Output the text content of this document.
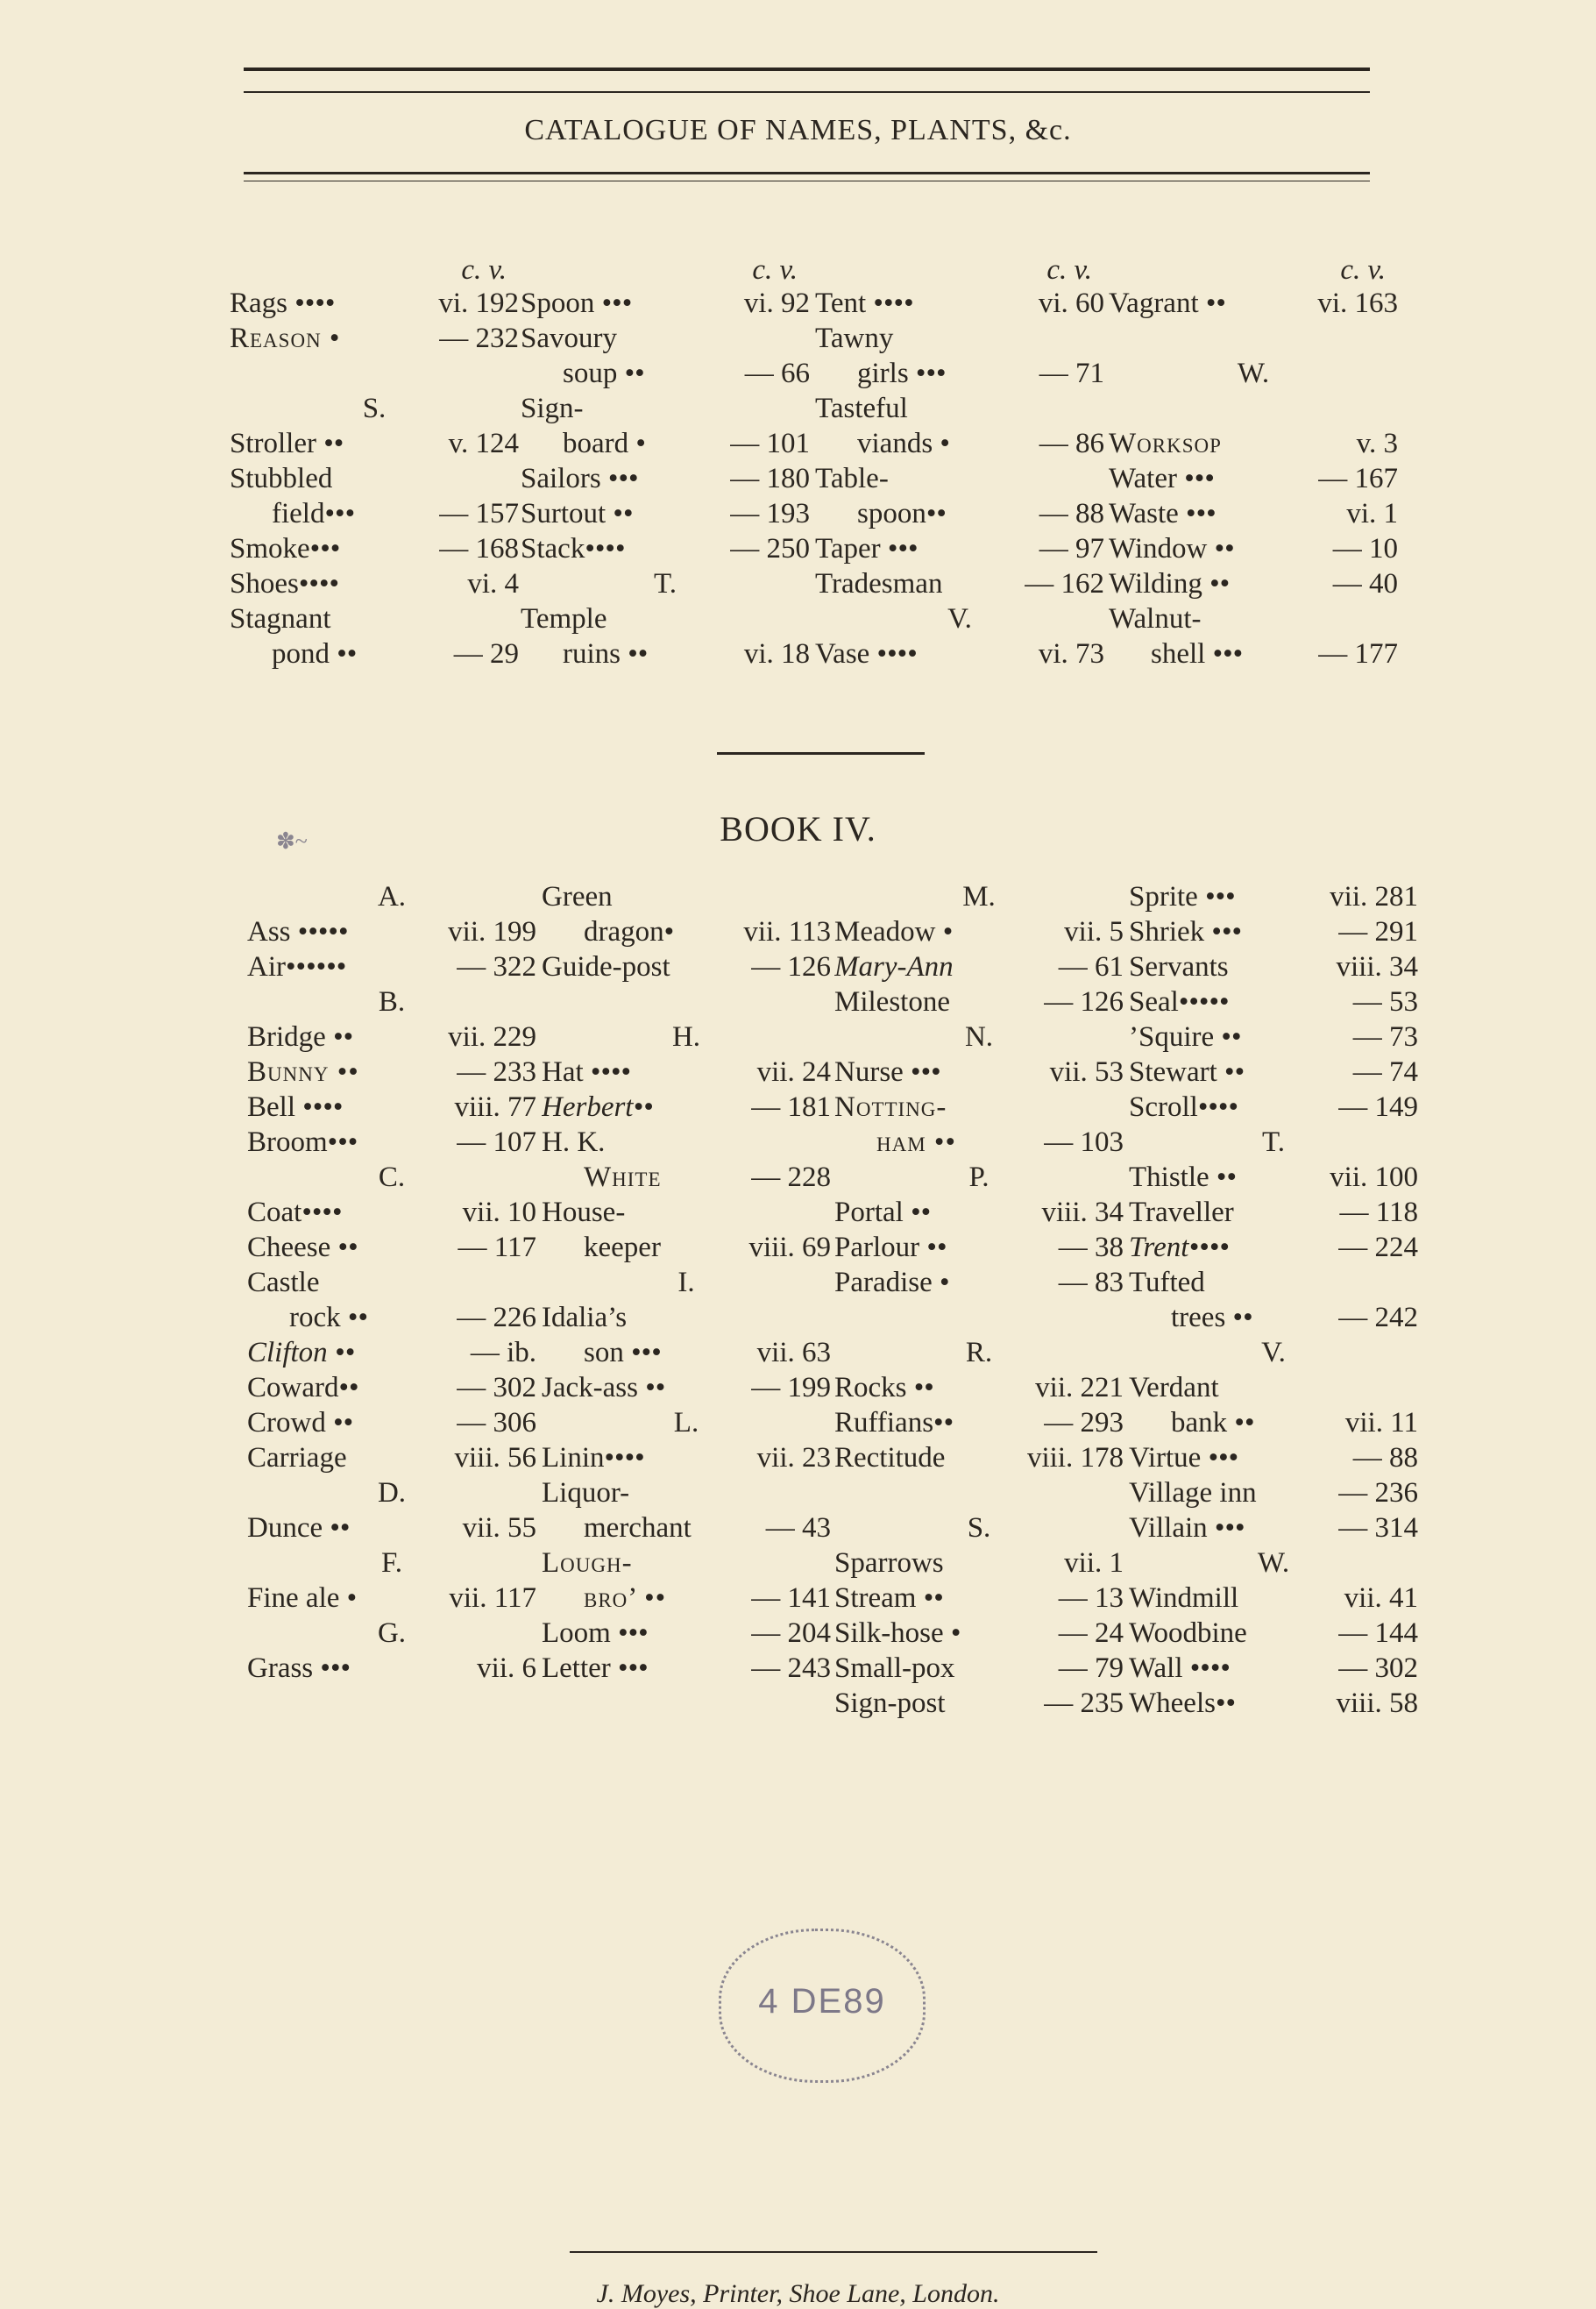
CATALOGUE OF NAMES, PLANTS, &c.
c. v.
Rags ••••	vi. 192
Reason •	— 232
S.
Stroller ••	v. 124
Stubbled
field•••	— 157
Smoke•••	— 168
Shoes••••	vi. 4
Stagnant
pond ••	— 29
c. v.
Spoon •••	vi. 92
Savoury
soup ••	— 66
Sign-
board •	— 101
Sailors •••	— 180
Surtout ••	— 193
Stack••••	— 250
T.
Temple
ruins ••	vi. 18
c. v.
Tent ••••	vi. 60
Tawny
girls •••	— 71
Tasteful
viands •	— 86
Table-
spoon••	— 88
Taper •••	— 97
Tradesman	— 162
V.
Vase ••••	vi. 73
c. v.
Vagrant ••	vi. 163
W.
Worksop	v. 3
Water •••	— 167
Waste •••	vi. 1
Window ••	— 10
Wilding ••	— 40
Walnut-
shell •••	— 177
✽~	BOOK IV.
A.
Ass •••••	vii. 199
Air••••••	— 322
B.
Bridge ••	vii. 229
Bunny ••	— 233
Bell ••••	viii. 77
Broom•••	— 107
C.
Coat••••	vii. 10
Cheese ••	— 117
Castle
rock ••	— 226
Clifton ••	— ib.
Coward••	— 302
Crowd ••	— 306
Carriage	viii. 56
D.
Dunce ••	vii. 55
F.
Fine ale •	vii. 117
G.
Grass •••	vii. 6
Green
dragon• vii. 113
Guide-post	— 126
H.
Hat ••••	vii. 24
Herbert••	— 181
H. K.
White	— 228
House-
keeper	viii. 69
I.
Idalia’s
son •••	vii. 63
Jack-ass ••	— 199
L.
Linin••••	vii. 23
Liquor-
merchant	— 43
Lough-
bro’ ••	— 141
Loom •••	— 204
Letter •••	— 243
M.
Meadow •	vii. 5
Mary-Ann	— 61
Milestone	— 126
N.
Nurse •••	vii. 53
Notting-
ham ••	— 103
P.
Portal ••	viii. 34
Parlour ••	— 38
Paradise •	— 83
R.
Rocks ••	vii. 221
Ruffians••	— 293
Rectitude	viii. 178
S.
Sparrows	vii. 1
Stream ••	— 13
Silk-hose •	— 24
Small-pox	— 79
Sign-post	— 235
Sprite •••	vii. 281
Shriek •••	— 291
Servants	viii. 34
Seal•••••	— 53
’Squire ••	— 73
Stewart ••	— 74
Scroll••••	— 149
T.
Thistle ••	vii. 100
Traveller	— 118
Trent••••	— 224
Tufted
trees ••	— 242
V.
Verdant
bank ••	vii. 11
Virtue •••	— 88
Village inn	— 236
Villain •••	— 314
W.
Windmill	vii. 41
Woodbine	— 144
Wall ••••	— 302
Wheels••	viii. 58
J. Moyes, Printer, Shoe Lane, London.
4 DE89
